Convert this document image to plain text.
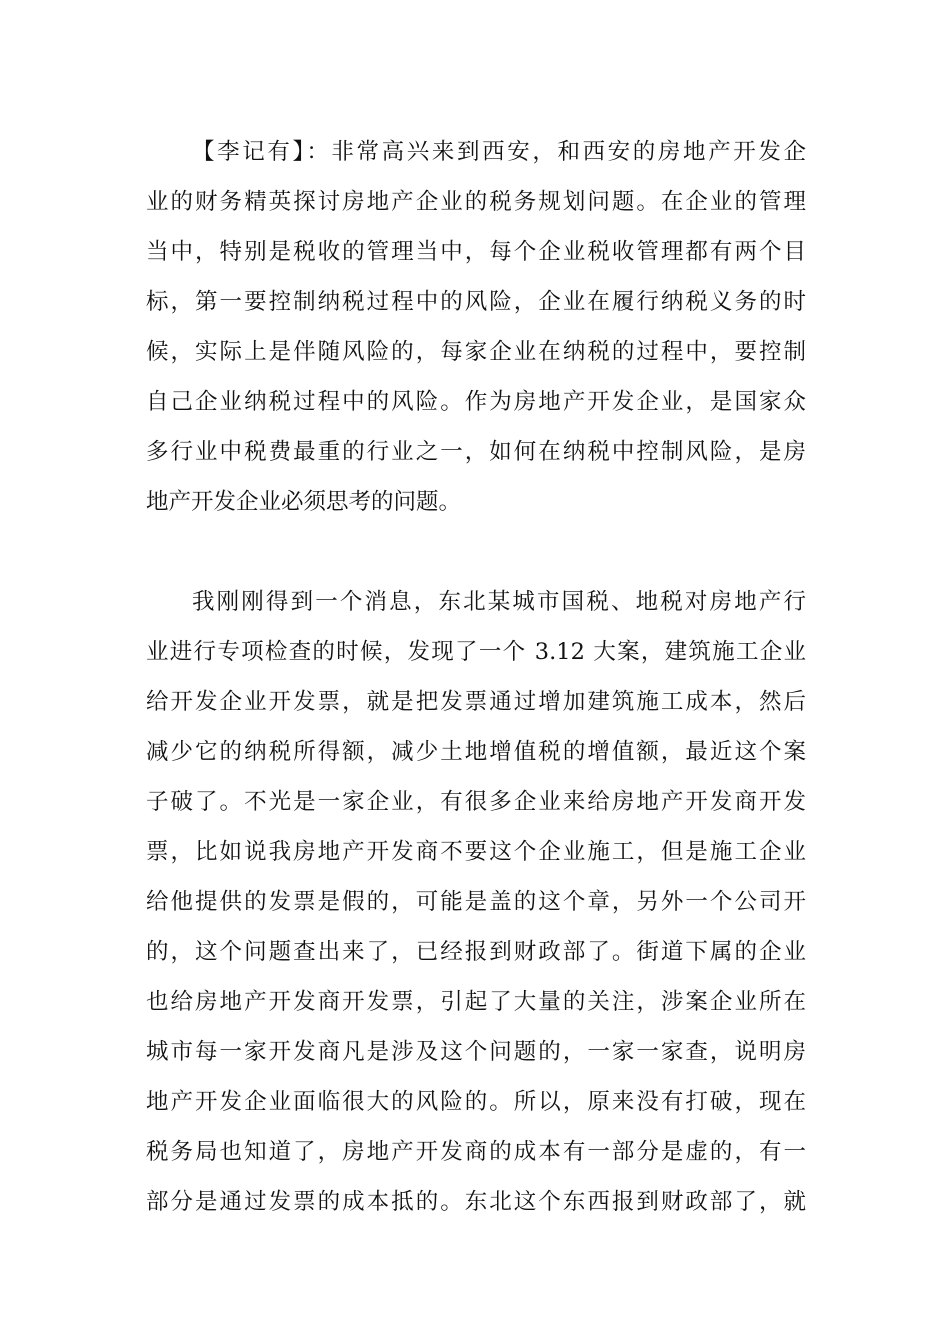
【李记有】：非常高兴来到西安，和西安的房地产开发企
业的财务精英探讨房地产企业的税务规划问题。在企业的管理
当中，特别是税收的管理当中，每个企业税收管理都有两个目
标，第一要控制纳税过程中的风险，企业在履行纳税义务的时
候，实际上是伴随风险的，每家企业在纳税的过程中，要控制
自己企业纳税过程中的风险。作为房地产开发企业，是国家众
多行业中税费最重的行业之一，如何在纳税中控制风险，是房
地产开发企业必须思考的问题。
我刚刚得到一个消息，东北某城市国税、地税对房地产行
业进行专项检查的时候，发现了一个 3.12 大案，建筑施工企业
给开发企业开发票，就是把发票通过增加建筑施工成本，然后
减少它的纳税所得额，减少土地增值税的增值额，最近这个案
子破了。不光是一家企业，有很多企业来给房地产开发商开发
票，比如说我房地产开发商不要这个企业施工，但是施工企业
给他提供的发票是假的，可能是盖的这个章，另外一个公司开
的，这个问题查出来了，已经报到财政部了。街道下属的企业
也给房地产开发商开发票，引起了大量的关注，涉案企业所在
城市每一家开发商凡是涉及这个问题的，一家一家查，说明房
地产开发企业面临很大的风险的。所以，原来没有打破，现在
税务局也知道了，房地产开发商的成本有一部分是虚的，有一
部分是通过发票的成本抵的。东北这个东西报到财政部了，就
